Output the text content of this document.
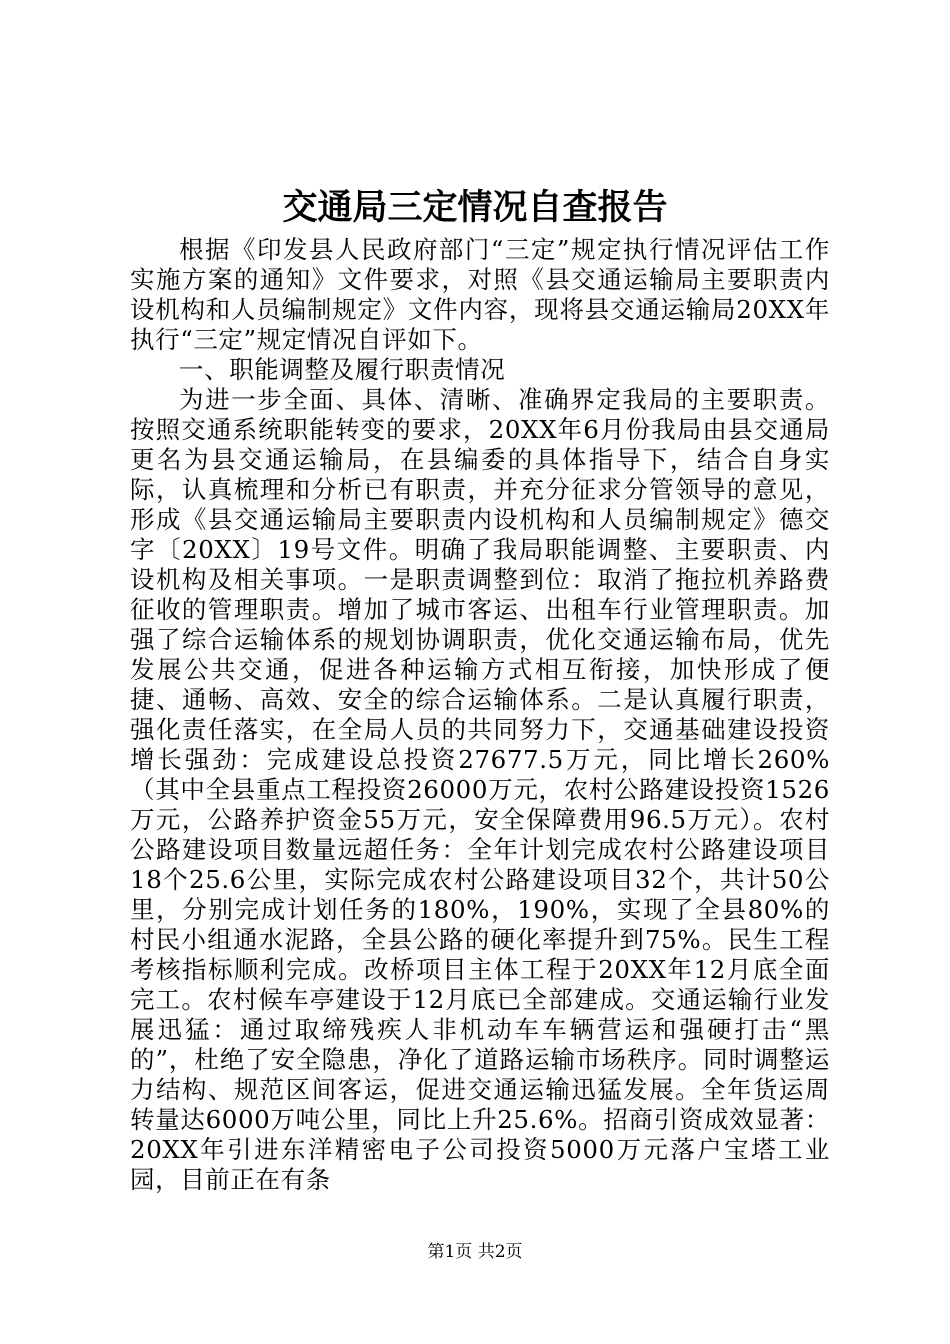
交通局三定情况自查报告

根据《印发县人民政府部门“三定”规定执行情况评估工作实施方案的通知》文件要求，对照《县交通运输局主要职责内设机构和人员编制规定》文件内容，现将县交通运输局20XX年执行“三定”规定情况自评如下。

一、职能调整及履行职责情况

为进一步全面、具体、清晰、准确界定我局的主要职责。按照交通系统职能转变的要求，20XX年6月份我局由县交通局更名为县交通运输局，在县编委的具体指导下，结合自身实际，认真梳理和分析已有职责，并充分征求分管领导的意见，形成《县交通运输局主要职责内设机构和人员编制规定》德交字〔20XX〕19号文件。明确了我局职能调整、主要职责、内设机构及相关事项。一是职责调整到位：取消了拖拉机养路费征收的管理职责。增加了城市客运、出租车行业管理职责。加强了综合运输体系的规划协调职责，优化交通运输布局，优先发展公共交通，促进各种运输方式相互衔接，加快形成了便捷、通畅、高效、安全的综合运输体系。二是认真履行职责，强化责任落实，在全局人员的共同努力下，交通基础建设投资增长强劲：完成建设总投资27677.5万元，同比增长260%（其中全县重点工程投资26000万元，农村公路建设投资1526万元，公路养护资金55万元，安全保障费用96.5万元）。农村公路建设项目数量远超任务：全年计划完成农村公路建设项目18个25.6公里，实际完成农村公路建设项目32个，共计50公里，分别完成计划任务的180%，190%，实现了全县80%的村民小组通水泥路，全县公路的硬化率提升到75%。民生工程考核指标顺利完成。改桥项目主体工程于20XX年12月底全面完工。农村候车亭建设于12月底已全部建成。交通运输行业发展迅猛：通过取缔残疾人非机动车车辆营运和强硬打击“黑的”，杜绝了安全隐患，净化了道路运输市场秩序。同时调整运力结构、规范区间客运，促进交通运输迅猛发展。全年货运周转量达6000万吨公里，同比上升25.6%。招商引资成效显著：20XX年引进东洋精密电子公司投资5000万元落户宝塔工业园，目前正在有条

第1页 共2页
